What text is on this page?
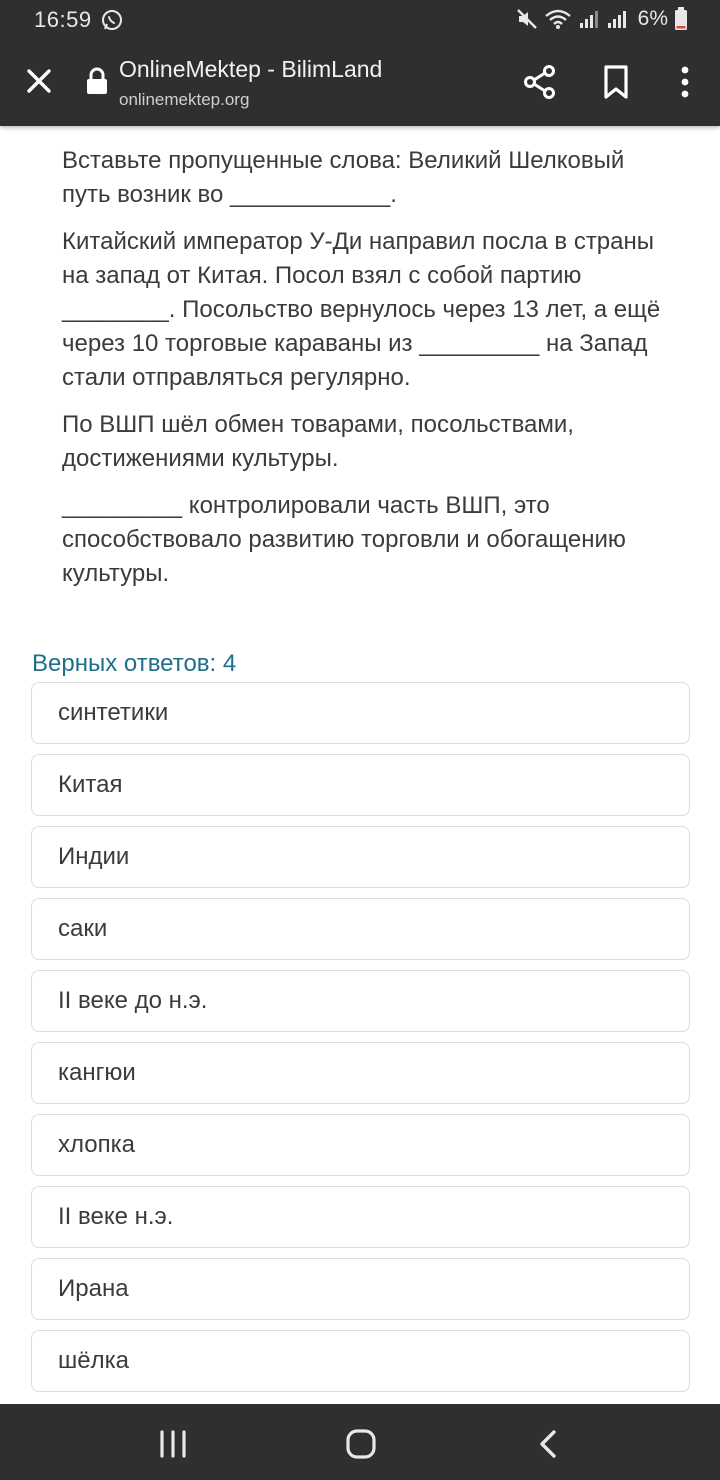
16:59	6%
OnlineMektep - BilimLand
onlinemektep.org

Вставьте пропущенные слова: Великий Шелковый путь возник во ____________.

Китайский император У-Ди направил посла в страны на запад от Китая. Посол взял с собой партию ________. Посольство вернулось через 13 лет, а ещё через 10 торговые караваны из _________ на Запад стали отправляться регулярно.

По ВШП шёл обмен товарами, посольствами, достижениями культуры.

_________ контролировали часть ВШП, это способствовало развитию торговли и обогащению культуры.

Верных ответов: 4
синтетики
Китая
Индии
саки
II веке до н.э.
кангюи
хлопка
II веке н.э.
Ирана
шёлка
